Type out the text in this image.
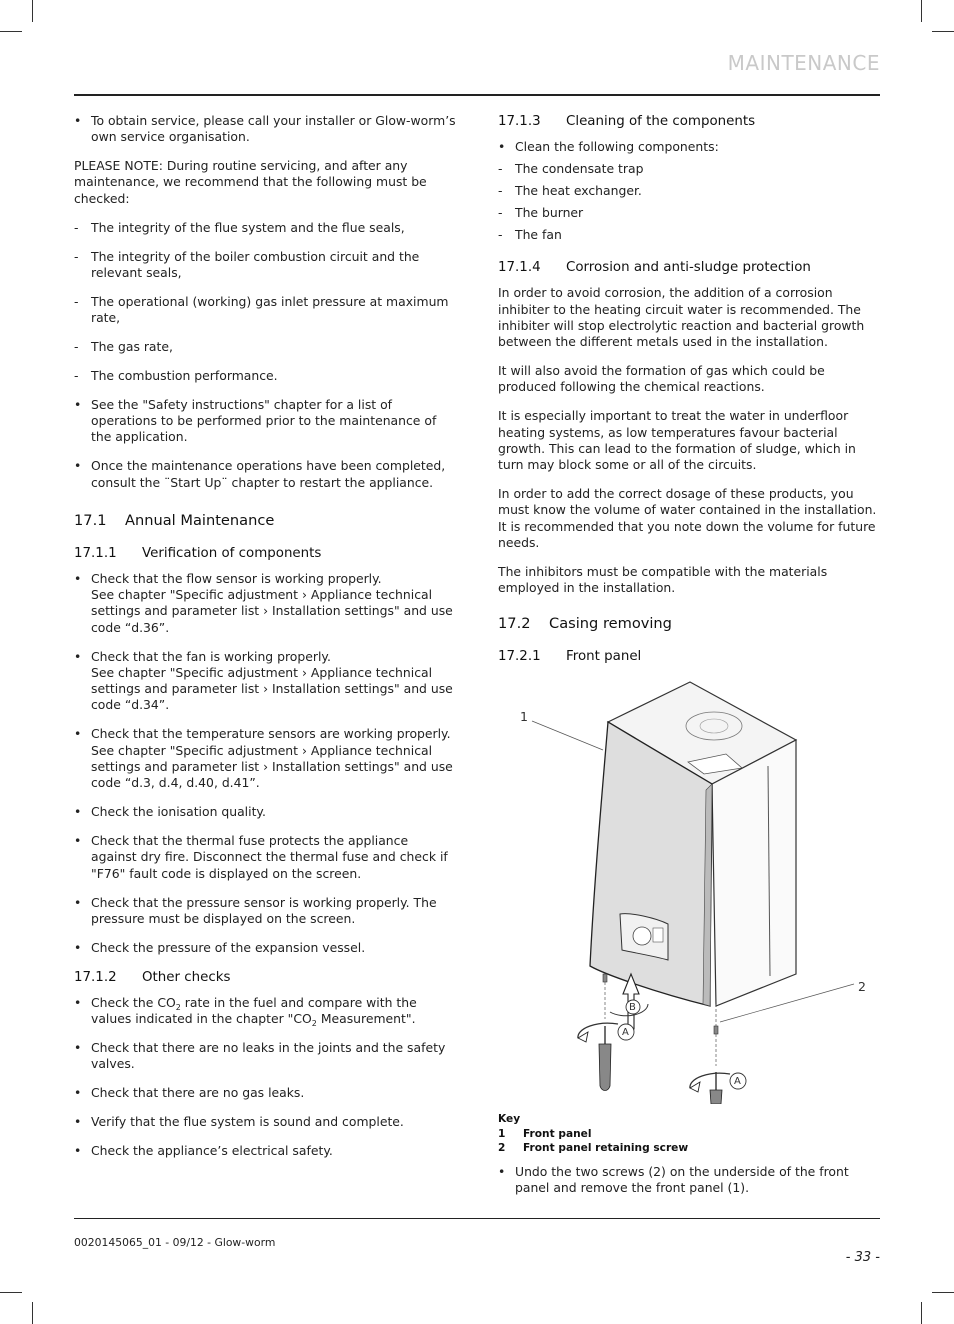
MAINTENANCE
• To obtain service, please call your installer or Glow-worm’s own service organisation.

PLEASE NOTE: During routine servicing, and after any maintenance, we recommend that the following must be checked:

- The integrity of the flue system and the flue seals,
- The integrity of the boiler combustion circuit and the relevant seals,
- The operational (working) gas inlet pressure at maximum rate,
- The gas rate,
- The combustion performance.
• See the "Safety instructions" chapter for a list of operations to be performed prior to the maintenance of the application.
• Once the maintenance operations have been completed, consult the ¨Start Up¨ chapter to restart the appliance.
17.1 Annual Maintenance
17.1.1 Verification of components
• Check that the flow sensor is working properly.
See chapter "Specific adjustment › Appliance technical settings and parameter list › Installation settings" and use code “d.36”.
• Check that the fan is working properly.
See chapter "Specific adjustment › Appliance technical settings and parameter list › Installation settings" and use code “d.34”.
• Check that the temperature sensors are working properly.
See chapter "Specific adjustment › Appliance technical settings and parameter list › Installation settings" and use code “d.3, d.4, d.40, d.41”.
• Check the ionisation quality.
• Check that the thermal fuse protects the appliance against dry fire. Disconnect the thermal fuse and check if "F76" fault code is displayed on the screen.
• Check that the pressure sensor is working properly. The pressure must be displayed on the screen.
• Check the pressure of the expansion vessel.
17.1.2 Other checks
• Check the $CO_2$ rate in the fuel and compare with the values indicated in the chapter "$CO_2$ Measurement".
• Check that there are no leaks in the joints and the safety valves.
• Check that there are no gas leaks.
• Verify that the flue system is sound and complete.
• Check the appliance’s electrical safety.
17.1.3 Cleaning of the components
• Clean the following components:
- The condensate trap
- The heat exchanger.
- The burner
- The fan
17.1.4 Corrosion and anti-sludge protection

In order to avoid corrosion, the addition of a corrosion inhibiter to the heating circuit water is recommended. The inhibiter will stop electrolytic reaction and bacterial growth between the different metals used in the installation.

It will also avoid the formation of gas which could be produced following the chemical reactions.

It is especially important to treat the water in underfloor heating systems, as low temperatures favour bacterial growth. This can lead to the formation of sludge, which in turn may block some or all of the circuits.

In order to add the correct dosage of these products, you must know the volume of water contained in the installation. It is recommended that you note down the volume for future needs.

The inhibitors must be compatible with the materials employed in the installation.

17.2 Casing removing
17.2.1 Front panel
1
2
B
A
A
Key
1 Front panel
2 Front panel retaining screw
• Undo the two screws (2) on the underside of the front panel and remove the front panel (1).
0020145065_01 - 09/12 - Glow-worm
- 33 -
